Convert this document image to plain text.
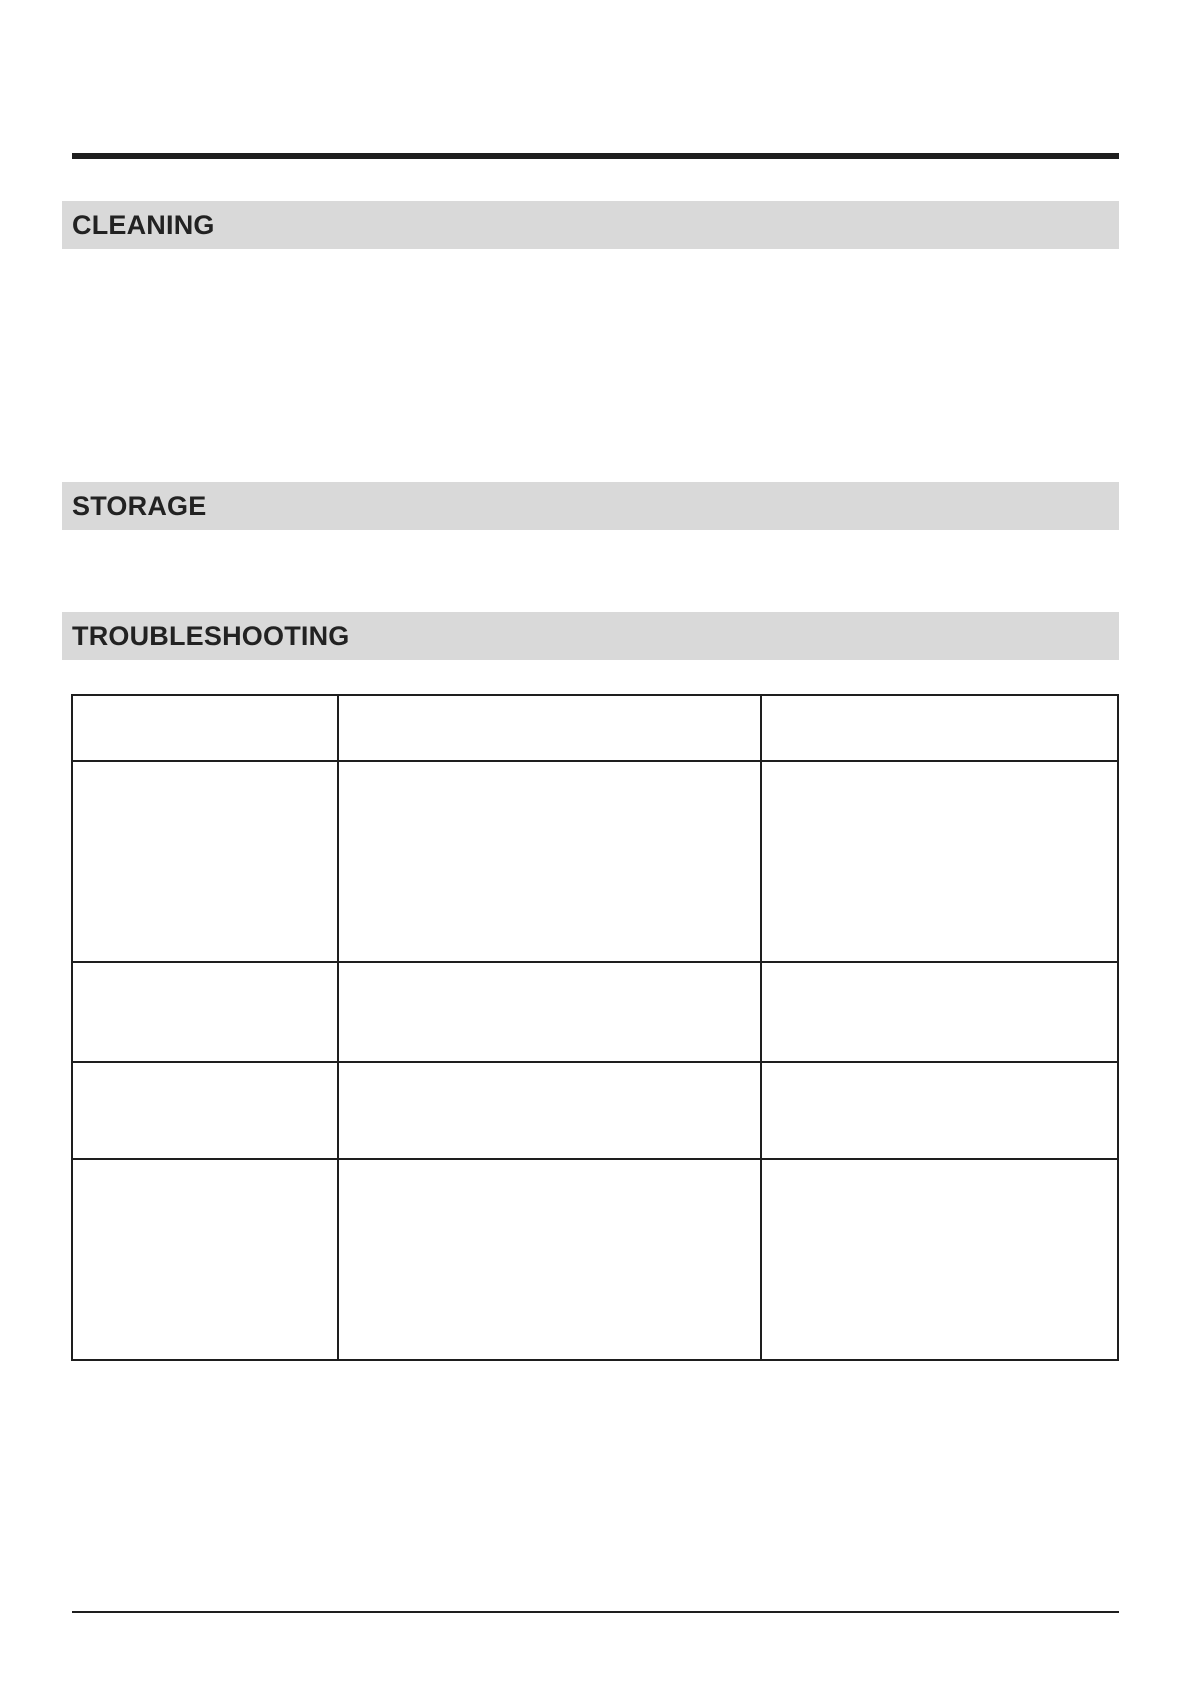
CLEANING
STORAGE
TROUBLESHOOTING
